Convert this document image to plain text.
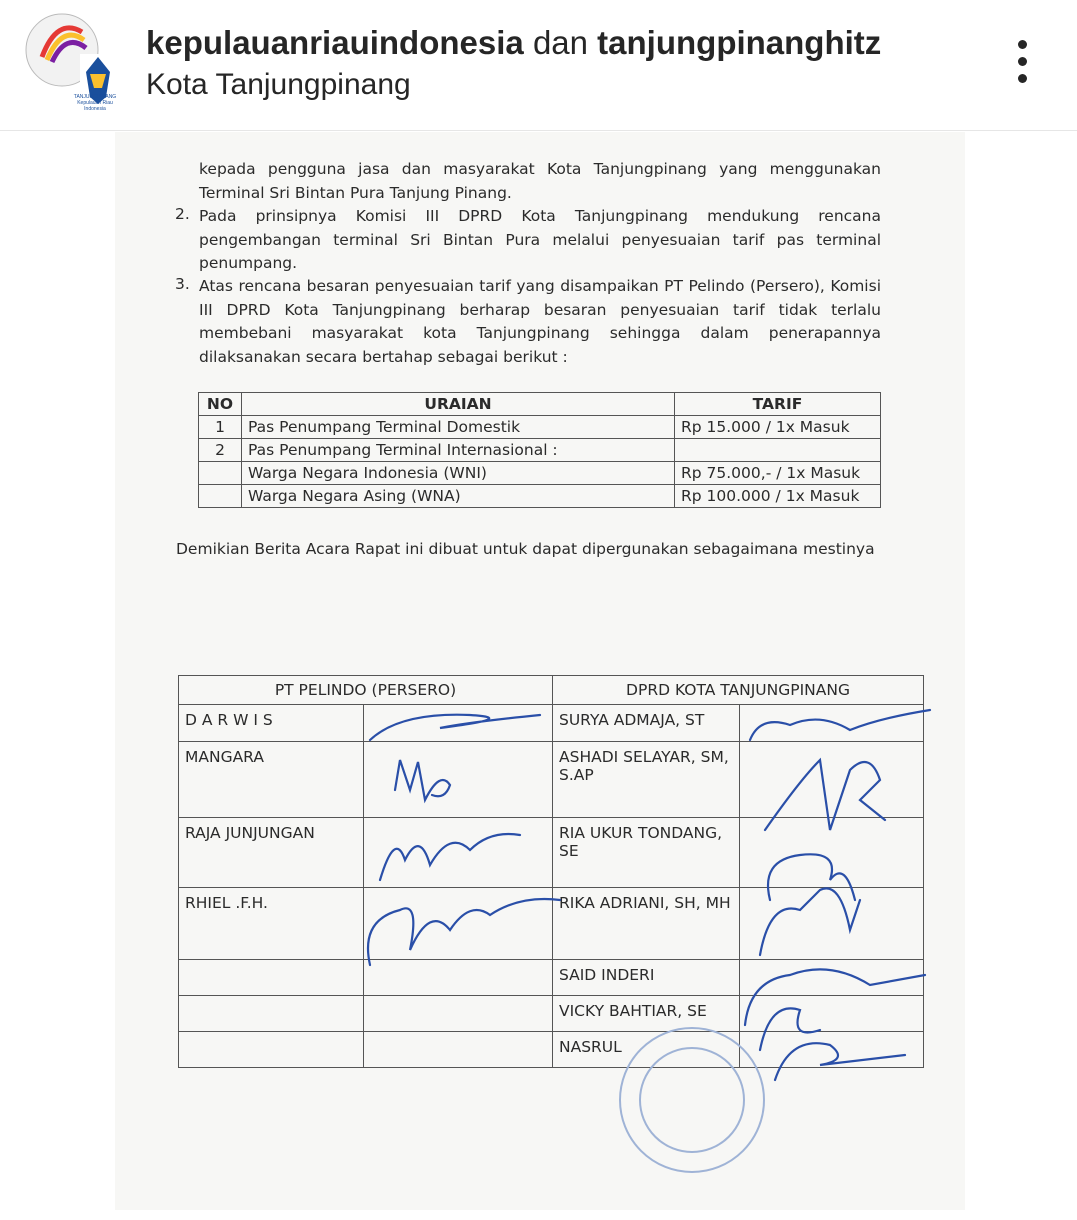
TANJUNGPINANG Kepulauan Riau Indonesia
kepulauanriauindonesia dan tanjungpinanghitz
Kota Tanjungpinang
kepada pengguna jasa dan masyarakat Kota Tanjungpinang yang menggunakan Terminal Sri Bintan Pura Tanjung Pinang.
2. Pada prinsipnya Komisi III DPRD Kota Tanjungpinang mendukung rencana pengembangan terminal Sri Bintan Pura melalui penyesuaian tarif pas terminal penumpang.
3. Atas rencana besaran penyesuaian tarif yang disampaikan PT Pelindo (Persero), Komisi III DPRD Kota Tanjungpinang berharap besaran penyesuaian tarif tidak terlalu membebani masyarakat kota Tanjungpinang sehingga dalam penerapannya dilaksanakan secara bertahap sebagai berikut :
NO	URAIAN	TARIF
1	Pas Penumpang Terminal Domestik	Rp 15.000 / 1x Masuk
2	Pas Penumpang Terminal Internasional :	
	Warga Negara Indonesia (WNI)	Rp 75.000,- / 1x Masuk
	Warga Negara Asing (WNA)	Rp 100.000 / 1x Masuk
Demikian Berita Acara Rapat ini dibuat untuk dapat dipergunakan sebagaimana mestinya
PT PELINDO (PERSERO)		DPRD KOTA TANJUNGPINANG	
D A R W I S		SURYA ADMAJA, ST	
MANGARA		ASHADI SELAYAR, SM, S.AP	
RAJA JUNJUNGAN		RIA UKUR TONDANG, SE	
RHIEL .F.H.		RIKA ADRIANI, SH, MH	
		SAID INDERI	
		VICKY BAHTIAR, SE	
		NASRUL	
